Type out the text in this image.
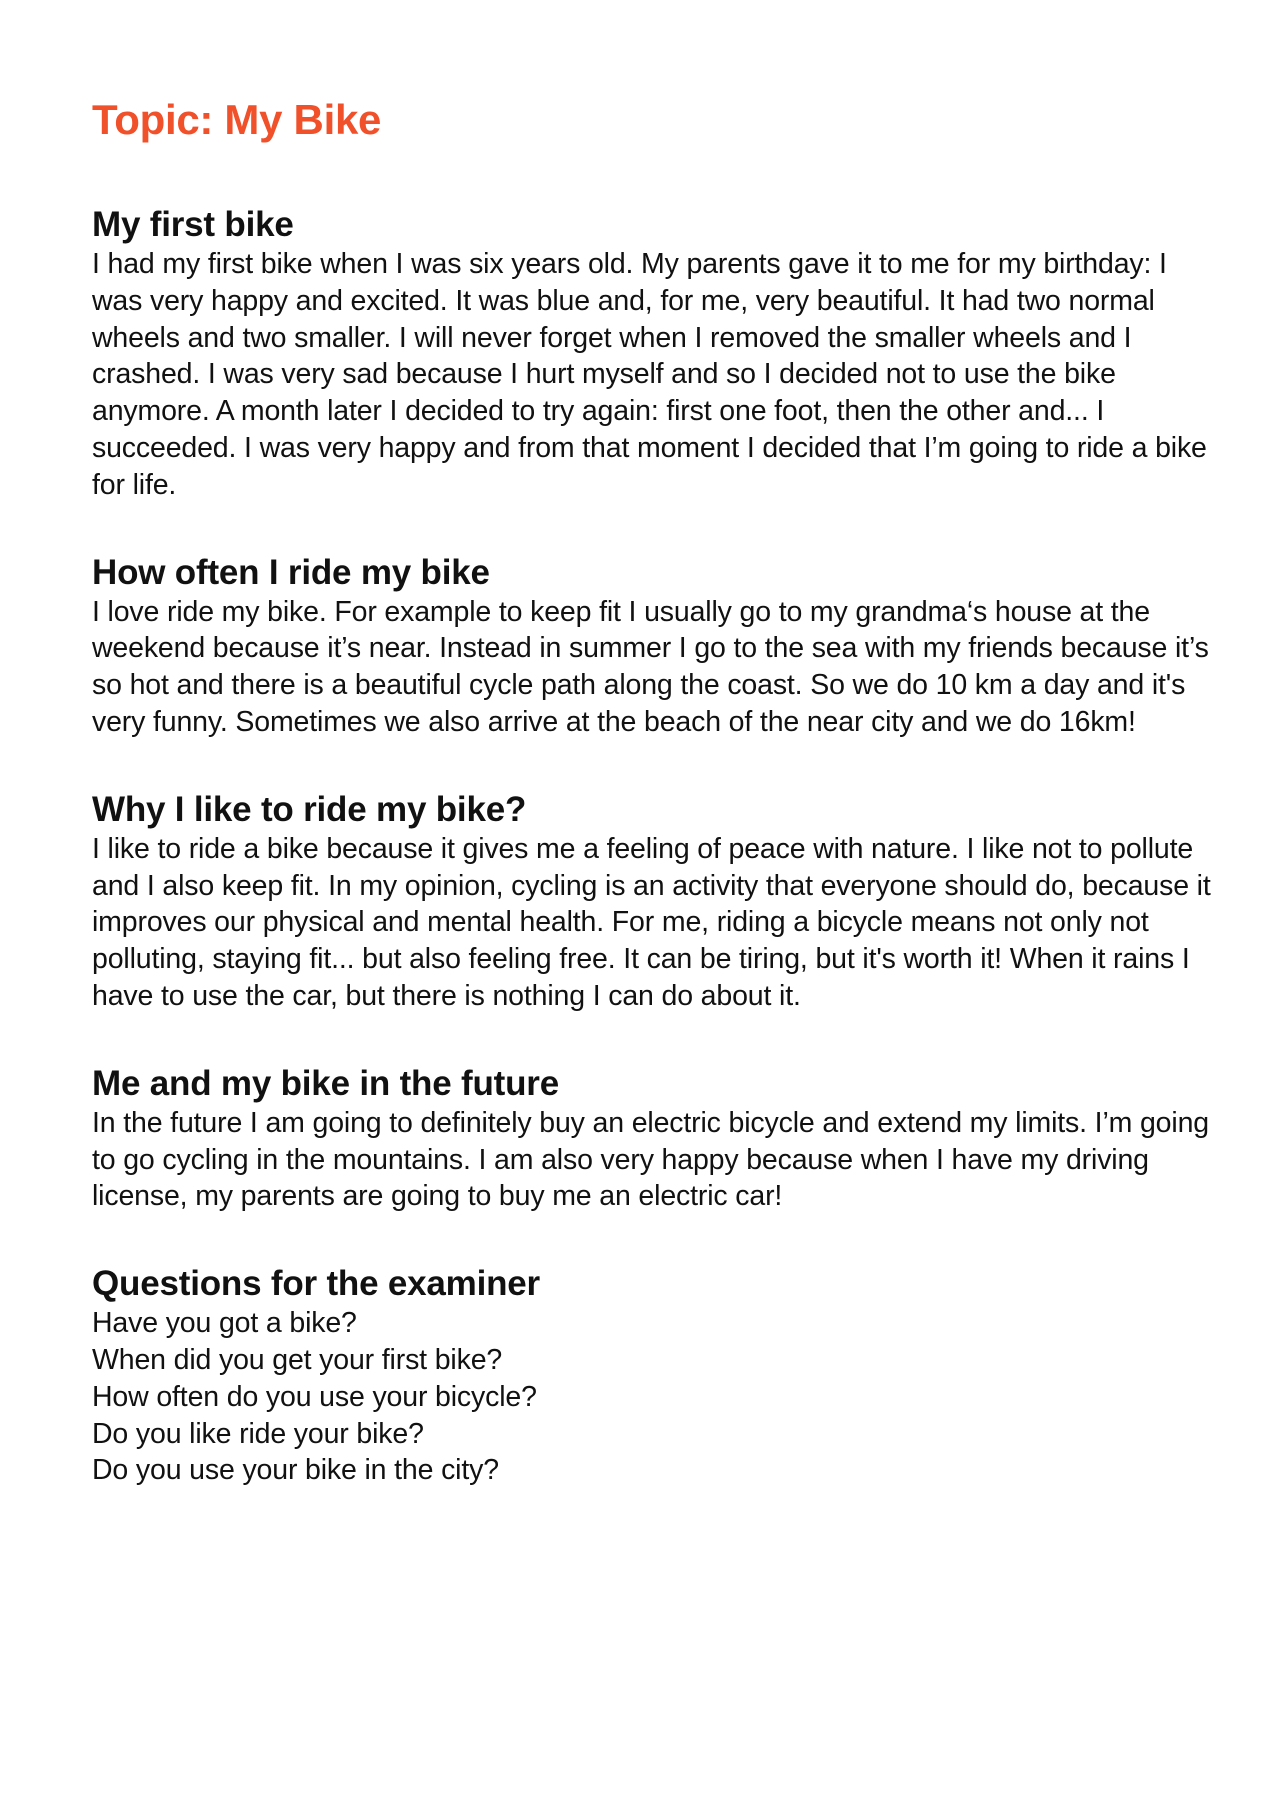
Topic: My Bike
My first bike

I had my first bike when I was six years old. My parents gave it to me for my birthday: I was very happy and excited. It was blue and, for me, very beautiful. It had two normal wheels and two smaller. I will never forget when I removed the smaller wheels and I crashed. I was very sad because I hurt myself and so I decided not to use the bike anymore. A month later I decided to try again: first one foot, then the other and... I succeeded. I was very happy and from that moment I decided that I’m going to ride a bike for life.

How often I ride my bike

I love ride my bike. For example to keep fit I usually go to my grandma‘s house at the weekend because it’s near. Instead in summer I go to the sea with my friends because it’s so hot and there is a beautiful cycle path along the coast. So we do 10 km a day and it's very funny. Sometimes we also arrive at the beach of the near city and we do 16km!

Why I like to ride my bike?

I like to ride a bike because it gives me a feeling of peace with nature. I like not to pollute and I also keep fit. In my opinion, cycling is an activity that everyone should do, because it improves our physical and mental health. For me, riding a bicycle means not only not polluting, staying fit... but also feeling free. It can be tiring, but it's worth it! When it rains I have to use the car, but there is nothing I can do about it.

Me and my bike in the future

In the future I am going to definitely buy an electric bicycle and extend my limits. I’m going to go cycling in the mountains. I am also very happy because when I have my driving license, my parents are going to buy me an electric car!

Questions for the examiner
Have you got a bike?
When did you get your first bike?
How often do you use your bicycle?
Do you like ride your bike?
Do you use your bike in the city?
